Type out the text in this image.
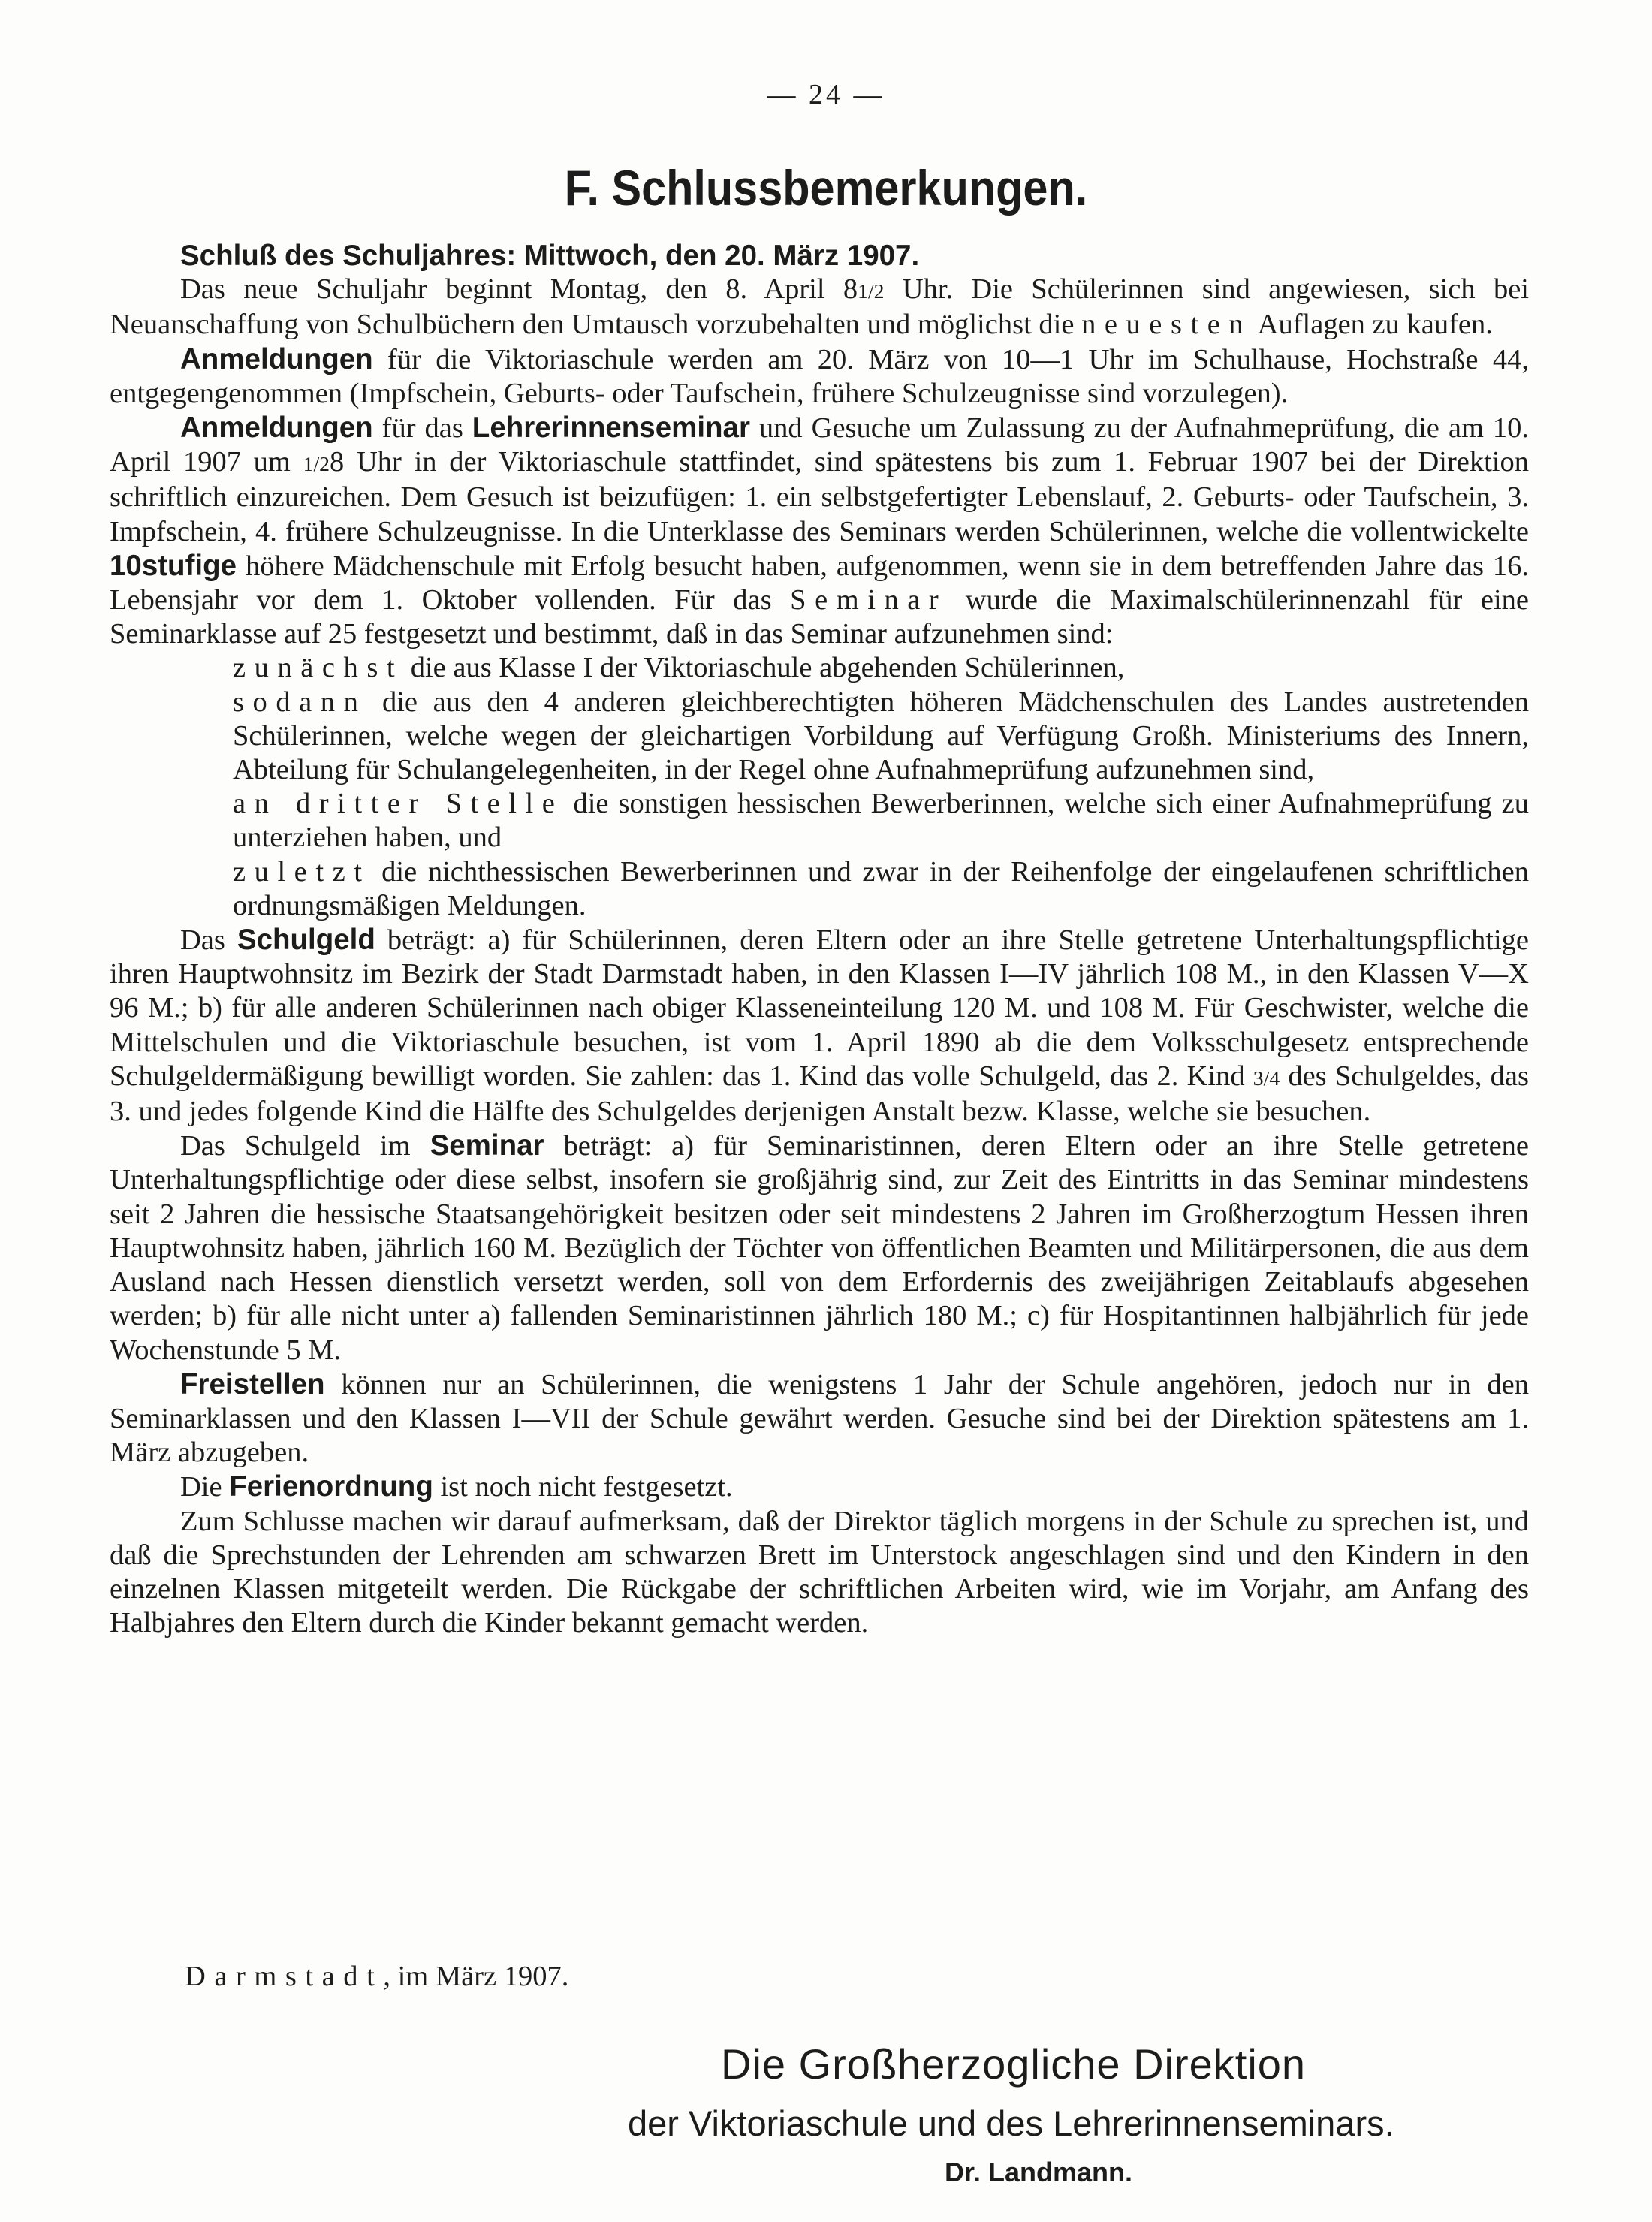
— 24 —
F. Schlussbemerkungen.

Schluß des Schuljahres: Mittwoch, den 20. März 1907.

Das neue Schuljahr beginnt Montag, den 8. April 81/2 Uhr. Die Schülerinnen sind angewiesen, sich bei Neuanschaffung von Schulbüchern den Umtausch vorzubehalten und möglichst die neuesten Auflagen zu kaufen.

Anmeldungen für die Viktoriaschule werden am 20. März von 10—1 Uhr im Schulhause, Hochstraße 44, entgegengenommen (Impfschein, Geburts- oder Taufschein, frühere Schulzeugnisse sind vorzulegen).

Anmeldungen für das Lehrerinnenseminar und Gesuche um Zulassung zu der Aufnahmeprüfung, die am 10. April 1907 um 1/28 Uhr in der Viktoriaschule stattfindet, sind spätestens bis zum 1. Februar 1907 bei der Direktion schriftlich einzureichen. Dem Gesuch ist beizufügen: 1. ein selbstgefertigter Lebenslauf, 2. Geburts- oder Taufschein, 3. Impfschein, 4. frühere Schulzeugnisse. In die Unterklasse des Seminars werden Schülerinnen, welche die vollentwickelte 10stufige höhere Mädchenschule mit Erfolg besucht haben, aufgenommen, wenn sie in dem betreffenden Jahre das 16. Lebensjahr vor dem 1. Oktober vollenden. Für das Seminar wurde die Maximalschülerinnenzahl für eine Seminarklasse auf 25 festgesetzt und bestimmt, daß in das Seminar aufzunehmen sind:

zunächst die aus Klasse I der Viktoriaschule abgehenden Schülerinnen,

sodann die aus den 4 anderen gleichberechtigten höheren Mädchenschulen des Landes austretenden Schülerinnen, welche wegen der gleichartigen Vorbildung auf Verfügung Großh. Ministeriums des Innern, Abteilung für Schulangelegenheiten, in der Regel ohne Aufnahmeprüfung aufzunehmen sind,

an dritter Stelle die sonstigen hessischen Bewerberinnen, welche sich einer Aufnahmeprüfung zu unterziehen haben, und

zuletzt die nichthessischen Bewerberinnen und zwar in der Reihenfolge der eingelaufenen schriftlichen ordnungsmäßigen Meldungen.

Das Schulgeld beträgt: a) für Schülerinnen, deren Eltern oder an ihre Stelle getretene Unterhaltungspflichtige ihren Hauptwohnsitz im Bezirk der Stadt Darmstadt haben, in den Klassen I—IV jährlich 108 M., in den Klassen V—X 96 M.; b) für alle anderen Schülerinnen nach obiger Klasseneinteilung 120 M. und 108 M. Für Geschwister, welche die Mittelschulen und die Viktoriaschule besuchen, ist vom 1. April 1890 ab die dem Volksschulgesetz entsprechende Schulgeldermäßigung bewilligt worden. Sie zahlen: das 1. Kind das volle Schulgeld, das 2. Kind 3/4 des Schulgeldes, das 3. und jedes folgende Kind die Hälfte des Schulgeldes derjenigen Anstalt bezw. Klasse, welche sie besuchen.

Das Schulgeld im Seminar beträgt: a) für Seminaristinnen, deren Eltern oder an ihre Stelle getretene Unterhaltungspflichtige oder diese selbst, insofern sie großjährig sind, zur Zeit des Eintritts in das Seminar mindestens seit 2 Jahren die hessische Staatsangehörigkeit besitzen oder seit mindestens 2 Jahren im Großherzogtum Hessen ihren Hauptwohnsitz haben, jährlich 160 M. Bezüglich der Töchter von öffentlichen Beamten und Militärpersonen, die aus dem Ausland nach Hessen dienstlich versetzt werden, soll von dem Erfordernis des zweijährigen Zeitablaufs abgesehen werden; b) für alle nicht unter a) fallenden Seminaristinnen jährlich 180 M.; c) für Hospitantinnen halbjährlich für jede Wochenstunde 5 M.

Freistellen können nur an Schülerinnen, die wenigstens 1 Jahr der Schule angehören, jedoch nur in den Seminarklassen und den Klassen I—VII der Schule gewährt werden. Gesuche sind bei der Direktion spätestens am 1. März abzugeben.

Die Ferienordnung ist noch nicht festgesetzt.

Zum Schlusse machen wir darauf aufmerksam, daß der Direktor täglich morgens in der Schule zu sprechen ist, und daß die Sprechstunden der Lehrenden am schwarzen Brett im Unterstock angeschlagen sind und den Kindern in den einzelnen Klassen mitgeteilt werden. Die Rückgabe der schriftlichen Arbeiten wird, wie im Vorjahr, am Anfang des Halbjahres den Eltern durch die Kinder bekannt gemacht werden.

Darmstadt, im März 1907.
Die Großherzogliche Direktion
der Viktoriaschule und des Lehrerinnenseminars.
Dr. Landmann.
